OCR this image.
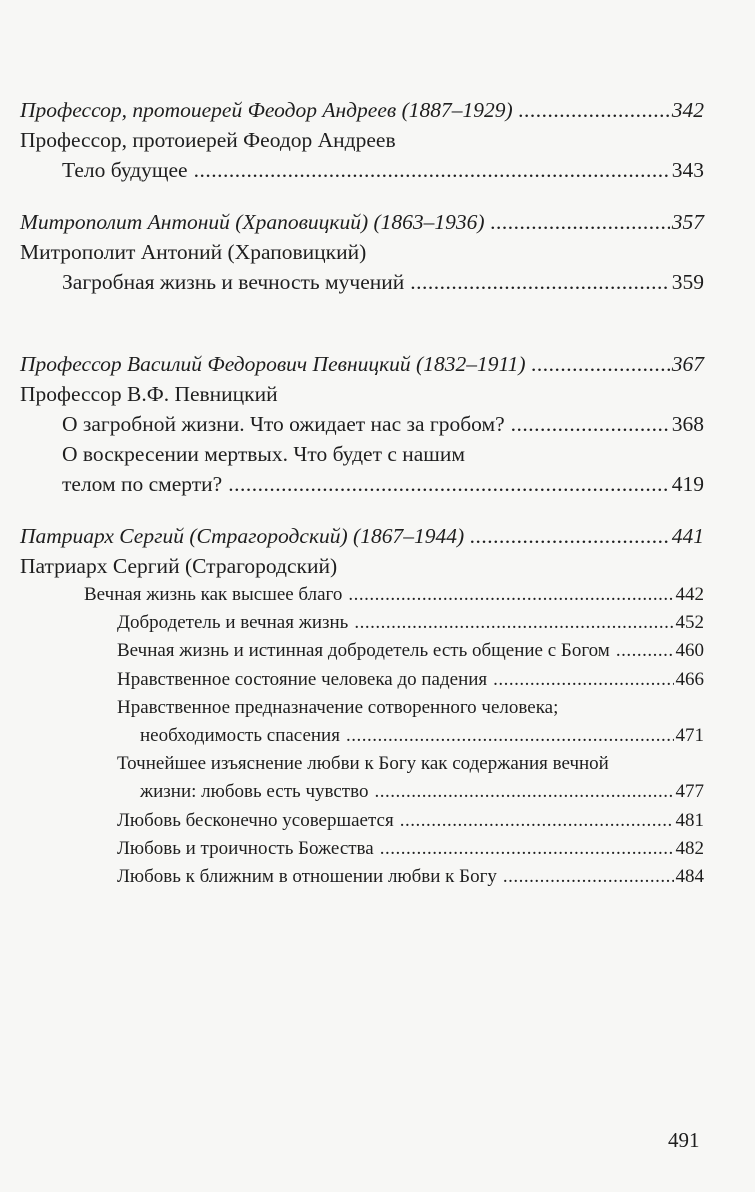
Профессор, протоиерей Феодор Андреев (1887–1929) .....	342
Профессор, протоиерей Феодор Андреев
Тело будущее .....	343
Митрополит Антоний (Храповицкий) (1863–1936) .....	357
Митрополит Антоний (Храповицкий)
Загробная жизнь и вечность мучений .....	359
Профессор Василий Федорович Певницкий (1832–1911) .....	367
Профессор В.Ф. Певницкий
О загробной жизни. Что ожидает нас за гробом? .....	368
О воскресении мертвых. Что будет с нашим
телом по смерти? .....	419
Патриарх Сергий (Страгородский) (1867–1944) .....	441
Патриарх Сергий (Страгородский)
Вечная жизнь как высшее благо .....	442
Добродетель и вечная жизнь .....	452
Вечная жизнь и истинная добродетель есть общение с Богом .....	460
Нравственное состояние человека до падения .....	466
Нравственное предназначение сотворенного человека;
необходимость спасения .....	471
Точнейшее изъяснение любви к Богу как содержания вечной
жизни: любовь есть чувство .....	477
Любовь бесконечно усовершается .....	481
Любовь и троичность Божества .....	482
Любовь к ближним в отношении любви к Богу .....	484
491
